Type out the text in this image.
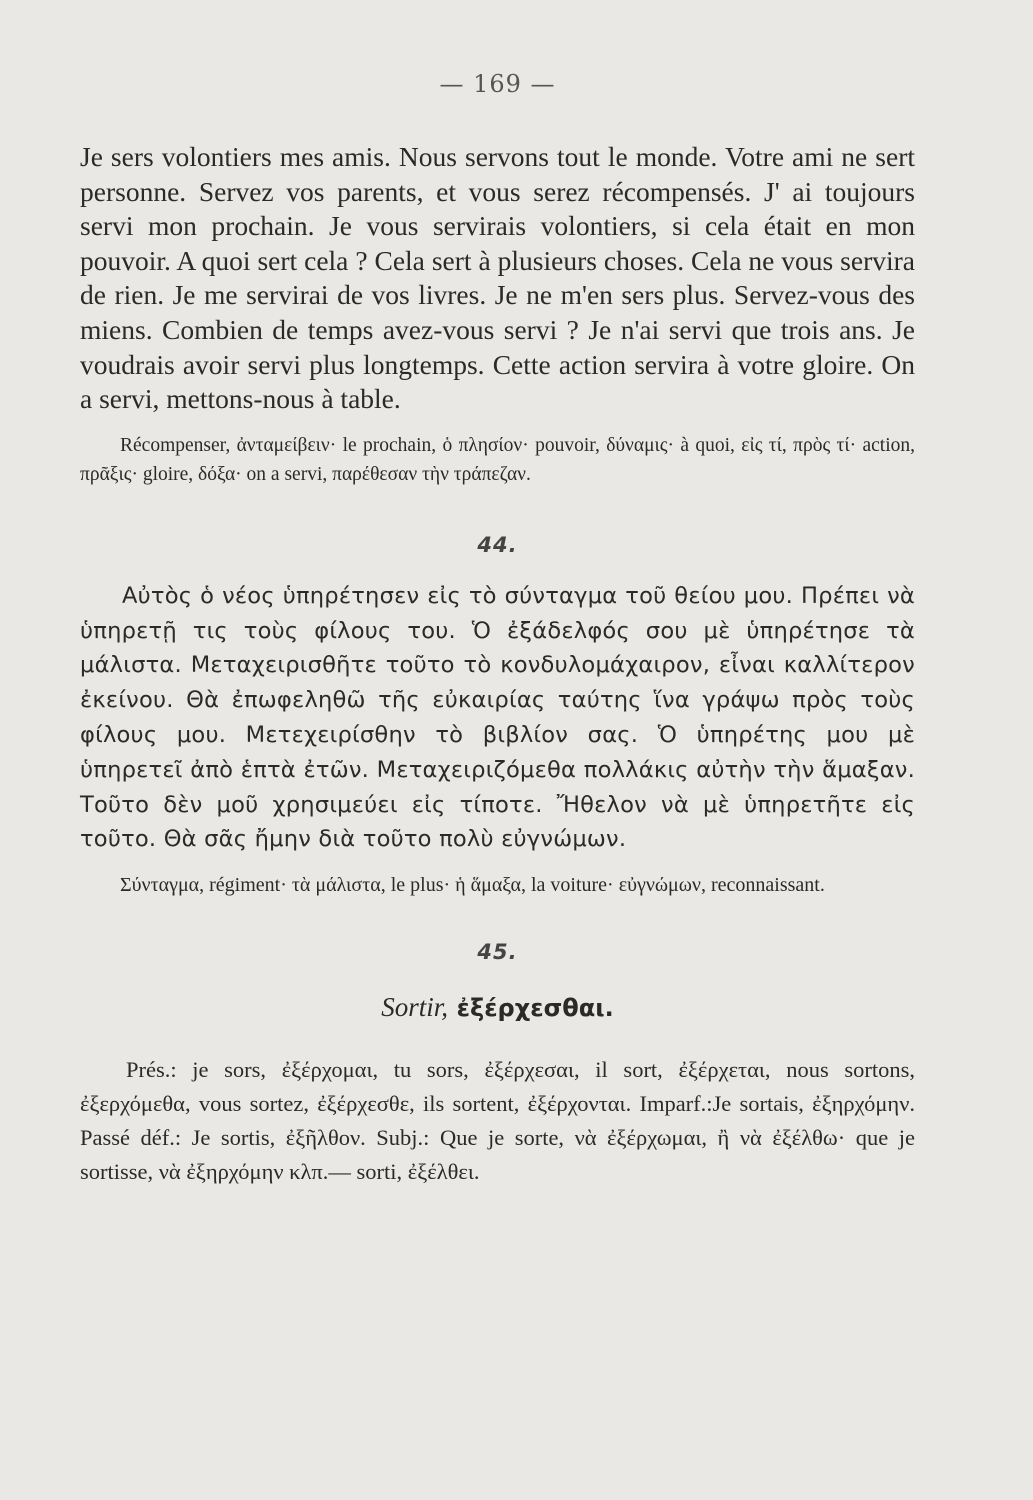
— 169 —

Je sers volontiers mes amis. Nous servons tout le monde. Votre ami ne sert personne. Servez vos parents, et vous serez récompensés. J' ai toujours servi mon prochain. Je vous servirais volontiers, si cela était en mon pouvoir. A quoi sert cela ? Cela sert à plusieurs choses. Cela ne vous servira de rien. Je me servirai de vos livres. Je ne m'en sers plus. Servez-vous des miens. Combien de temps avez-vous servi ? Je n'ai servi que trois ans. Je voudrais avoir servi plus longtemps. Cette action servira à votre gloire. On a servi, mettons-nous à table.

Récompenser, ἀνταμείβειν· le prochain, ὁ πλησίον· pouvoir, δύναμις· à quoi, εἰς τί, πρὸς τί· action, πρᾶξις· gloire, δόξα· on a servi, παρέθεσαν τὴν τράπεζαν.

44.

Αὐτὸς ὁ νέος ὑπηρέτησεν εἰς τὸ σύνταγμα τοῦ θείου μου. Πρέπει νὰ ὑπηρετῇ τις τοὺς φίλους του. Ὁ ἐξάδελφός σου μὲ ὑπηρέτησε τὰ μάλιστα. Μεταχειρισθῆτε τοῦτο τὸ κονδυλομάχαιρον, εἶναι καλλίτερον ἐκείνου. Θὰ ἐπωφεληθῶ τῆς εὐκαιρίας ταύτης ἵνα γράψω πρὸς τοὺς φίλους μου. Μετεχειρίσθην τὸ βιβλίον σας. Ὁ ὑπηρέτης μου μὲ ὑπηρετεῖ ἀπὸ ἑπτὰ ἐτῶν. Μεταχειριζόμεθα πολλάκις αὐτὴν τὴν ἅμαξαν. Τοῦτο δὲν μοῦ χρησιμεύει εἰς τίποτε. Ἤθελον νὰ μὲ ὑπηρετῆτε εἰς τοῦτο. Θὰ σᾶς ἤμην διὰ τοῦτο πολὺ εὐγνώμων.

Σύνταγμα, régiment· τὰ μάλιστα, le plus· ἡ ἅμαξα, la voiture· εὐγνώμων, reconnaissant.

45.
Sortir, ἐξέρχεσθαι.

Prés.: je sors, ἐξέρχομαι, tu sors, ἐξέρχεσαι, il sort, ἐξέρχεται, nous sortons, ἐξερχόμεθα, vous sortez, ἐξέρχεσθε, ils sortent, ἐξέρχονται. Imparf.:Je sortais, ἐξηρχόμην. Passé déf.: Je sortis, ἐξῆλθον. Subj.: Que je sorte, νὰ ἐξέρχωμαι, ἢ νὰ ἐξέλθω· que je sortisse, νὰ ἐξηρχόμην κλπ.— sorti, ἐξέλθει.
